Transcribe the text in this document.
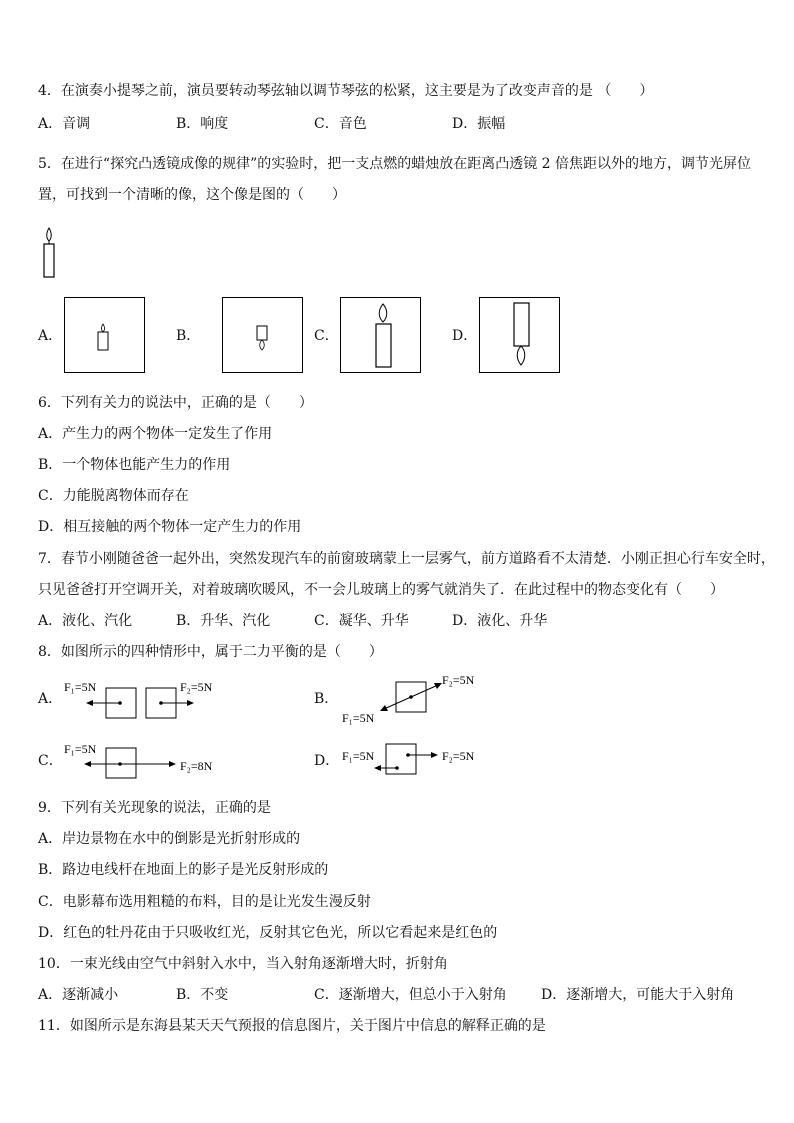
4．在演奏小提琴之前，演员要转动琴弦轴以调节琴弦的松紧，这主要是为了改变声音的是 （　　）
A．音调	B．响度	C．音色	D．振幅
5．在进行“探究凸透镜成像的规律”的实验时，把一支点燃的蜡烛放在距离凸透镜 2 倍焦距以外的地方，调节光屏位
置，可找到一个清晰的像，这个像是图的（　　）
A．	B．	C．	D．
6．下列有关力的说法中，正确的是（　　）
A．产生力的两个物体一定发生了作用
B．一个物体也能产生力的作用
C．力能脱离物体而存在
D．相互接触的两个物体一定产生力的作用
7．春节小刚随爸爸一起外出，突然发现汽车的前窗玻璃蒙上一层雾气，前方道路看不太清楚．小刚正担心行车安全时，
只见爸爸打开空调开关，对着玻璃吹暖风，不一会儿玻璃上的雾气就消失了．在此过程中的物态变化有（　　）
A．液化、汽化	B．升华、汽化	C．凝华、升华	D．液化、升华
8．如图所示的四种情形中，属于二力平衡的是（　　）
A．
F₁=5N	F₂=5N
B．
F₂=5N
F₁=5N
C．
F₁=5N
F₂=8N	D． F₁=5N	F₂=5N
9．下列有关光现象的说法，正确的是
A．岸边景物在水中的倒影是光折射形成的
B．路边电线杆在地面上的影子是光反射形成的
C．电影幕布选用粗糙的布料，目的是让光发生漫反射
D．红色的牡丹花由于只吸收红光，反射其它色光，所以它看起来是红色的
10．一束光线由空气中斜射入水中，当入射角逐渐增大时，折射角
A．逐渐减小	B．不变	C．逐渐增大，但总小于入射角 D．逐渐增大，可能大于入射角
11．如图所示是东海县某天天气预报的信息图片，关于图片中信息的解释正确的是
